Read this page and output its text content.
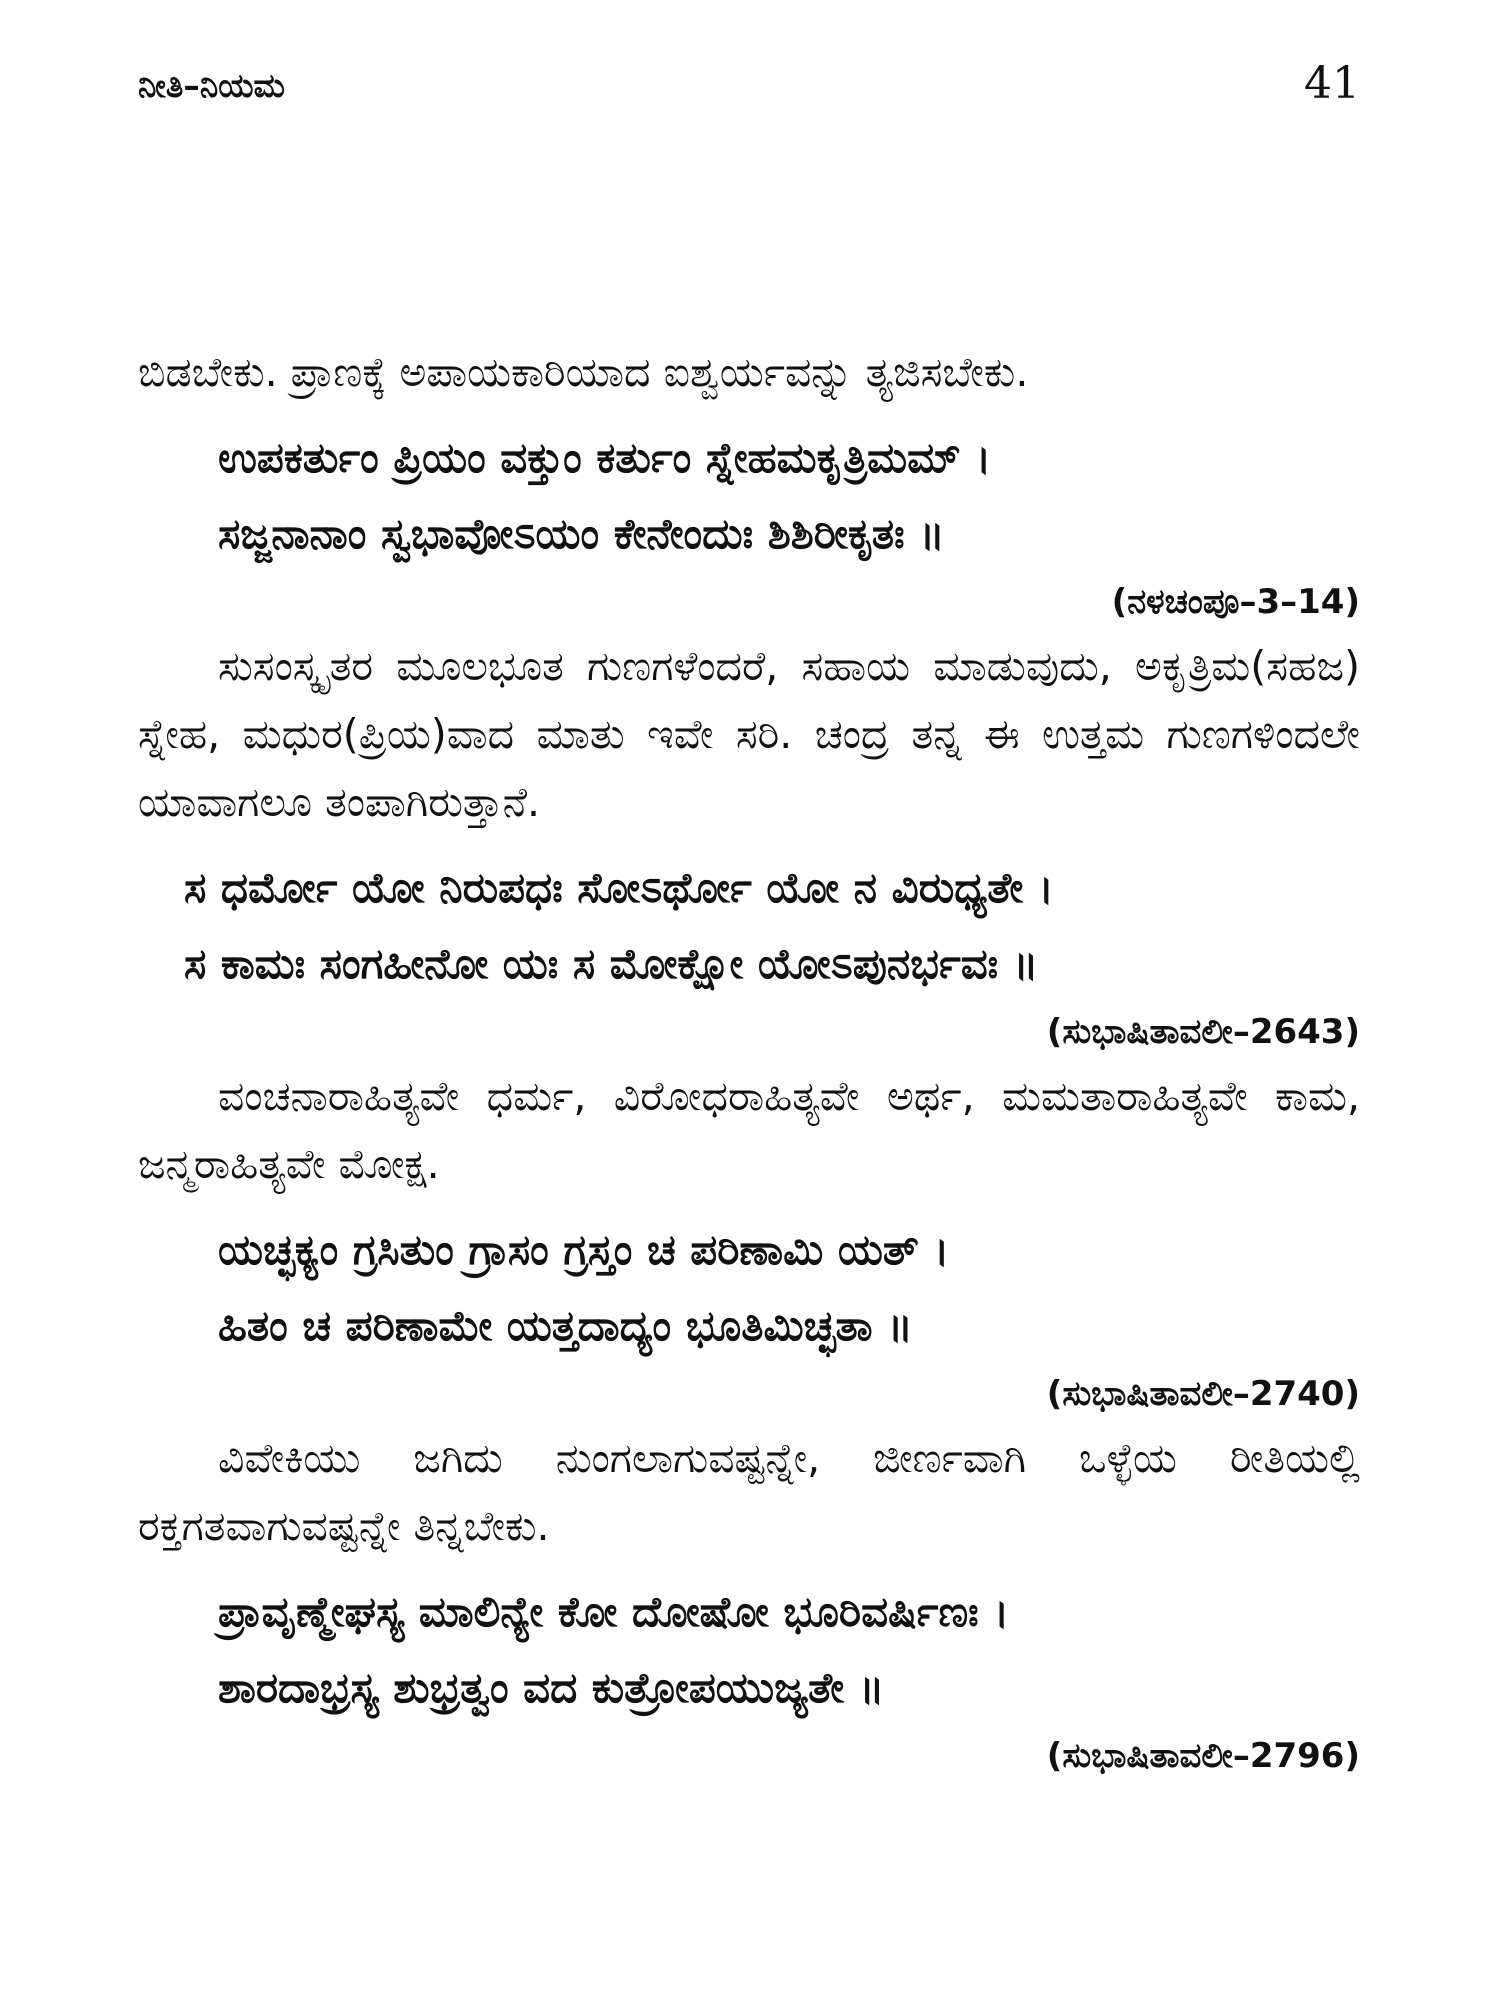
ನೀತಿ–ನಿಯಮ	41

ಬಿಡಬೇಕು. ಪ್ರಾಣಕ್ಕೆ ಅಪಾಯಕಾರಿಯಾದ ಐಶ್ವರ್ಯವನ್ನು ತ್ಯಜಿಸಬೇಕು.

ಉಪಕರ್ತುಂ ಪ್ರಿಯಂ ವಕ್ತುಂ ಕರ್ತುಂ ಸ್ನೇಹಮಕೃತ್ರಿಮಮ್ ।
ಸಜ್ಜನಾನಾಂ ಸ್ವಭಾವೋಽಯಂ ಕೇನೇಂದುಃ ಶಿಶಿರೀಕೃತಃ ॥

(ನಳಚಂಪೂ–3–14)

ಸುಸಂಸ್ಕೃತರ ಮೂಲಭೂತ ಗುಣಗಳೆಂದರೆ, ಸಹಾಯ ಮಾಡುವುದು, ಅಕೃತ್ರಿಮ(ಸಹಜ) ಸ್ನೇಹ, ಮಧುರ(ಪ್ರಿಯ)ವಾದ ಮಾತು ಇವೇ ಸರಿ. ಚಂದ್ರ ತನ್ನ ಈ ಉತ್ತಮ ಗುಣಗಳಿಂದಲೇ ಯಾವಾಗಲೂ ತಂಪಾಗಿರುತ್ತಾನೆ.

ಸ ಧರ್ಮೋ ಯೋ ನಿರುಪಧಃ ಸೋಽರ್ಥೋ ಯೋ ನ ವಿರುಧ್ಯತೇ ।
ಸ ಕಾಮಃ ಸಂಗಹೀನೋ ಯಃ ಸ ಮೋಕ್ಷೋ ಯೋಽಪುನರ್ಭವಃ ॥

(ಸುಭಾಷಿತಾವಲೀ–2643)

ವಂಚನಾರಾಹಿತ್ಯವೇ ಧರ್ಮ, ವಿರೋಧರಾಹಿತ್ಯವೇ ಅರ್ಥ, ಮಮತಾರಾಹಿತ್ಯವೇ ಕಾಮ, ಜನ್ಮರಾಹಿತ್ಯವೇ ಮೋಕ್ಷ.

ಯಚ್ಛಕ್ಯಂ ಗ್ರಸಿತುಂ ಗ್ರಾಸಂ ಗ್ರಸ್ತಂ ಚ ಪರಿಣಾಮಿ ಯತ್ ।
ಹಿತಂ ಚ ಪರಿಣಾಮೇ ಯತ್ತದಾದ್ಯಂ ಭೂತಿಮಿಚ್ಛತಾ ॥

(ಸುಭಾಷಿತಾವಲೀ–2740)

ವಿವೇಕಿಯು ಜಗಿದು ನುಂಗಲಾಗುವಷ್ಟನ್ನೇ, ಜೀರ್ಣವಾಗಿ ಒಳ್ಳೆಯ ರೀತಿಯಲ್ಲಿ ರಕ್ತಗತವಾಗುವಷ್ಟನ್ನೇ ತಿನ್ನಬೇಕು.

ಪ್ರಾವೃಣ್ಮೇಘಸ್ಯ ಮಾಲಿನ್ಯೇ ಕೋ ದೋಷೋ ಭೂರಿವರ್ಷಿಣಃ ।
ಶಾರದಾಭ್ರಸ್ಯ ಶುಭ್ರತ್ವಂ ವದ ಕುತ್ರೋಪಯುಜ್ಯತೇ ॥

(ಸುಭಾಷಿತಾವಲೀ–2796)
